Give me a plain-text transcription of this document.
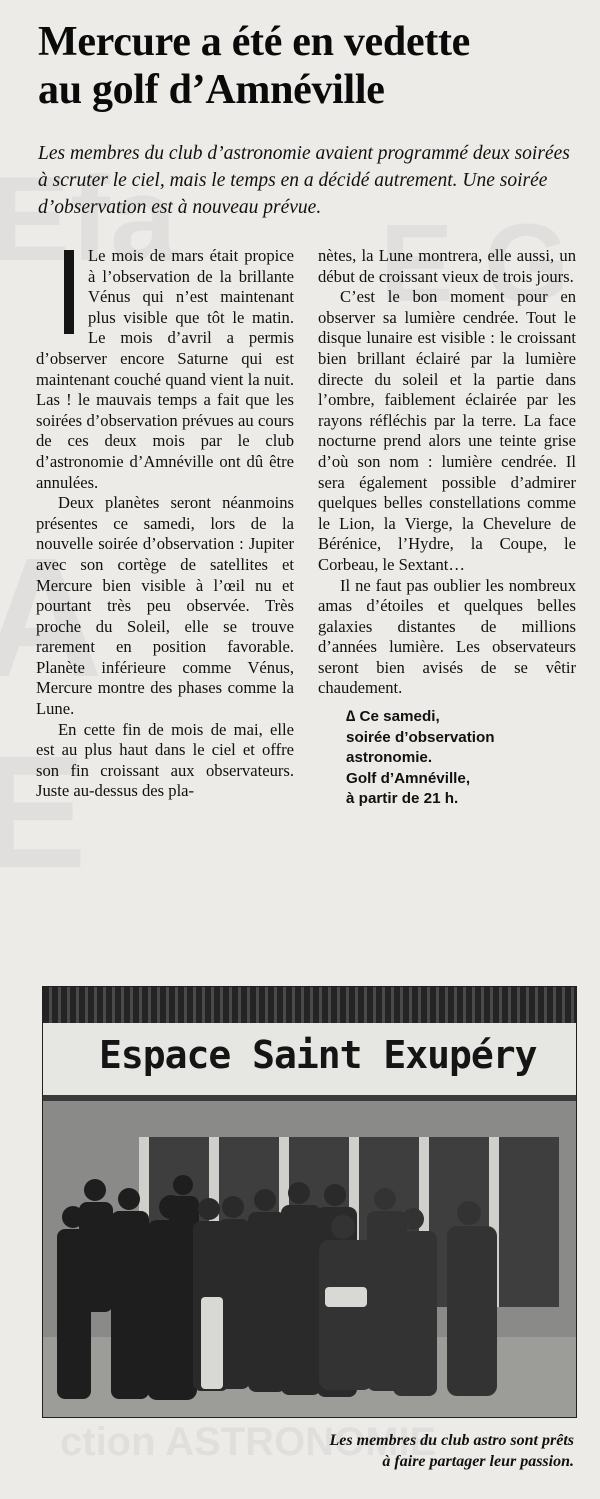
Mercure a été en vedette
au golf d’Amnéville
Les membres du club d’astronomie avaient programmé deux soirées à scruter le ciel, mais le temps en a décidé autrement. Une soirée d’observation est à nouveau prévue.

Le mois de mars était propice à l’observation de la brillante Vénus qui n’est maintenant plus visible que tôt le matin. Le mois d’avril a permis d’observer encore Saturne qui est maintenant couché quand vient la nuit. Las ! le mauvais temps a fait que les soirées d’observation prévues au cours de ces deux mois par le club d’astronomie d’Amnéville ont dû être annulées.

Deux planètes seront néanmoins présentes ce samedi, lors de la nouvelle soirée d’observation : Jupiter avec son cortège de satellites et Mercure bien visible à l’œil nu et pourtant très peu observée. Très proche du Soleil, elle se trouve rarement en position favorable. Planète inférieure comme Vénus, Mercure montre des phases comme la Lune.

En cette fin de mois de mai, elle est au plus haut dans le ciel et offre son fin croissant aux observateurs. Juste au-dessus des pla-

nètes, la Lune montrera, elle aussi, un début de croissant vieux de trois jours.

C’est le bon moment pour en observer sa lumière cendrée. Tout le disque lunaire est visible : le croissant bien brillant éclairé par la lumière directe du soleil et la partie dans l’ombre, faiblement éclairée par les rayons réfléchis par la terre. La face nocturne prend alors une teinte grise d’où son nom : lumière cendrée. Il sera également possible d’admirer quelques belles constellations comme le Lion, la Vierge, la Chevelure de Bérénice, l’Hydre, la Coupe, le Corbeau, le Sextant…

Il ne faut pas oublier les nombreux amas d’étoiles et quelques belles galaxies distantes de millions d’années lumière. Les observateurs seront bien avisés de se vêtir chaudement.

∆ Ce samedi,
soirée d’observation
astronomie.
Golf d’Amnéville,
à partir de 21 h.
Espace Saint Exupéry
Les membres du club astro sont prêts
à faire partager leur passion.
